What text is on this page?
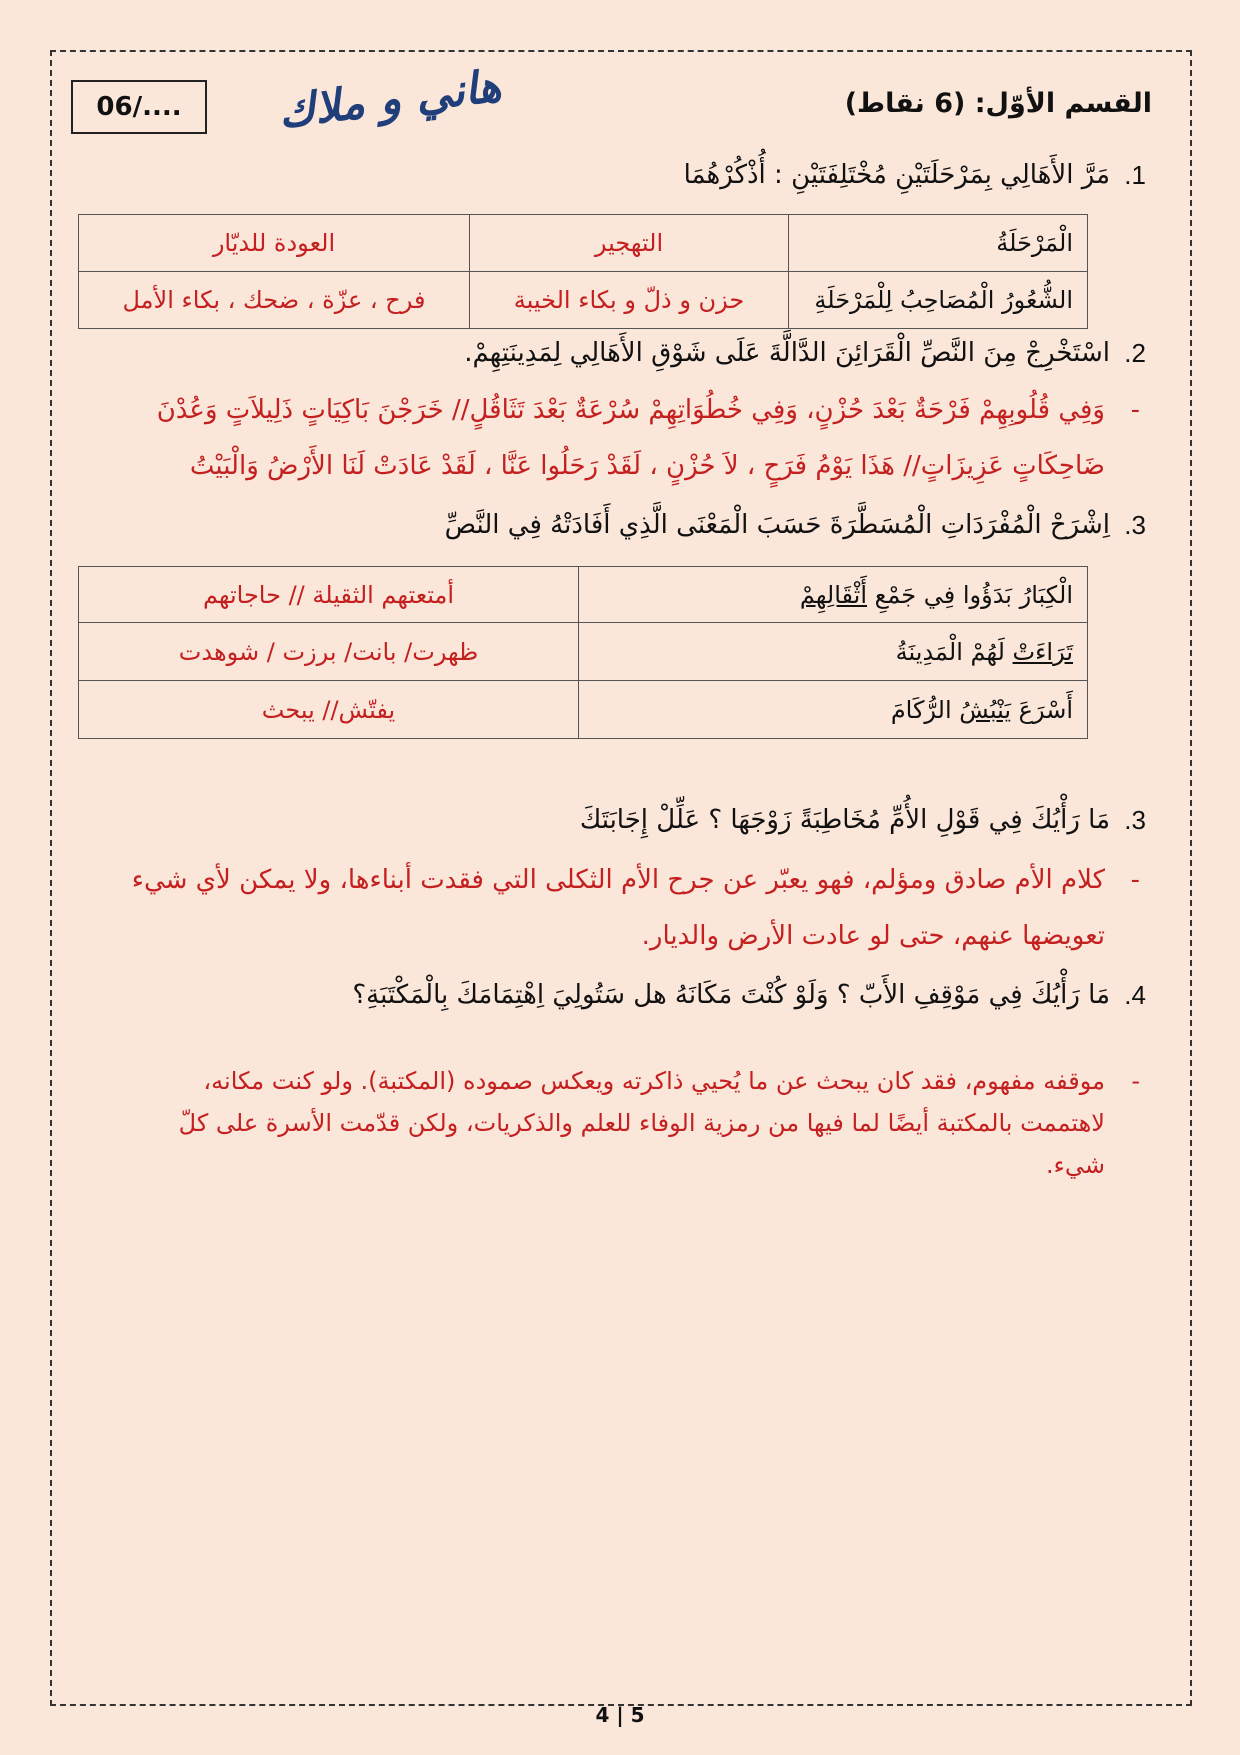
06/....	هاني و ملاك	القسم الأوّل: (6 نقاط)
1.
مَرَّ الأَهَالِي بِمَرْحَلَتَيْنِ مُخْتَلِفَتَيْنِ : أُذْكُرْهُمَا
الْمَرْحَلَةُ	التهجير	العودة للديّار
الشُّعُورُ الْمُصَاحِبُ لِلْمَرْحَلَةِ	حزن و ذلّ و بكاء الخيبة	فرح ، عزّة ، ضحك ، بكاء الأمل
2.
اسْتَخْرِجْ مِنَ النَّصِّ الْقَرَائِنَ الدَّالَّةَ عَلَى شَوْقِ الأَهَالِي لِمَدِينَتِهِمْ.
-
وَفِي قُلُوبِهِمْ فَرْحَةٌ بَعْدَ حُزْنٍ، وَفِي خُطُوَاتِهِمْ سُرْعَةٌ بَعْدَ تَثَاقُلٍ// خَرَجْنَ بَاكِيَاتٍ ذَلِيلاَتٍ وَعُدْنَ
ضَاحِكَاتٍ عَزِيزَاتٍ// هَذَا يَوْمُ فَرَحٍ ، لاَ حُزْنٍ ، لَقَدْ رَحَلُوا عَنَّا ، لَقَدْ عَادَتْ لَنَا الأَرْضُ وَالْبَيْتُ
3.
اِشْرَحْ الْمُفْرَدَاتِ الْمُسَطَّرَةَ حَسَبَ الْمَعْنَى الَّذِي أَفَادَتْهُ فِي النَّصِّ
الْكِبَارُ بَدَؤُوا فِي جَمْعِ أَثْقَالِهِمْ	أمتعتهم الثقيلة // حاجاتهم
تَرَاءَتْ لَهُمْ الْمَدِينَةُ	ظهرت/ بانت/ برزت / شوهدت
أَسْرَعَ يَنْبُشُ الرُّكَامَ	يفتّش// يبحث
3.
مَا رَأْيُكَ فِي قَوْلِ الأُمِّ مُخَاطِبَةً زَوْجَهَا ؟ عَلِّلْ إِجَابَتَكَ
-
كلام الأم صادق ومؤلم، فهو يعبّر عن جرح الأم الثكلى التي فقدت أبناءها، ولا يمكن لأي شيء
تعويضها عنهم، حتى لو عادت الأرض والديار.
4.
مَا رَأْيُكَ فِي مَوْقِفِ الأَبّ ؟ وَلَوْ كُنْتَ مَكَانَهُ هل سَتُولِيَ اِهْتِمَامَكَ بِالْمَكْتَبَةِ؟
-
موقفه مفهوم، فقد كان يبحث عن ما يُحيي ذاكرته ويعكس صموده (المكتبة). ولو كنت مكانه،
لاهتممت بالمكتبة أيضًا لما فيها من رمزية الوفاء للعلم والذكريات، ولكن قدّمت الأسرة على كلّ
شيء.
4 | 5
